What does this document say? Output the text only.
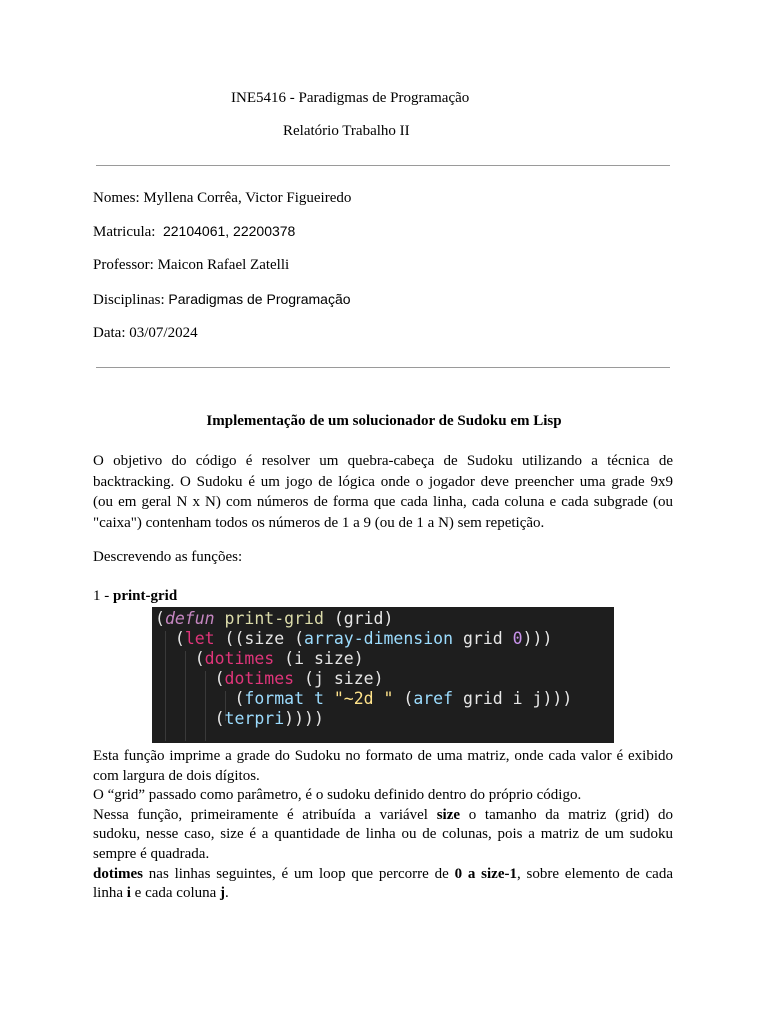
INE5416 - Paradigmas de Programação
Relatório Trabalho II
Nomes: Myllena Corrêa, Victor Figueiredo
Matricula: 22104061, 22200378
Professor: Maicon Rafael Zatelli
Disciplinas: Paradigmas de Programação
Data: 03/07/2024
Implementação de um solucionador de Sudoku em Lisp
O objetivo do código é resolver um quebra-cabeça de Sudoku utilizando a técnica de
backtracking. O Sudoku é um jogo de lógica onde o jogador deve preencher uma grade 9x9
(ou em geral N x N) com números de forma que cada linha, cada coluna e cada subgrade (ou
"caixa") contenham todos os números de 1 a 9 (ou de 1 a N) sem repetição.
Descrevendo as funções:
1 - print-grid
(defun print-grid (grid)
(let ((size (array-dimension grid 0)))
(dotimes (i size)
(dotimes (j size)
(format t "~2d " (aref grid i j)))
(terpri))))
Esta função imprime a grade do Sudoku no formato de uma matriz, onde cada valor é exibido
com largura de dois dígitos.
O “grid” passado como parâmetro, é o sudoku definido dentro do próprio código.
Nessa função, primeiramente é atribuída a variável size o tamanho da matriz (grid) do
sudoku, nesse caso, size é a quantidade de linha ou de colunas, pois a matriz de um sudoku
sempre é quadrada.
dotimes nas linhas seguintes, é um loop que percorre de 0 a size-1, sobre elemento de cada
linha i e cada coluna j.
